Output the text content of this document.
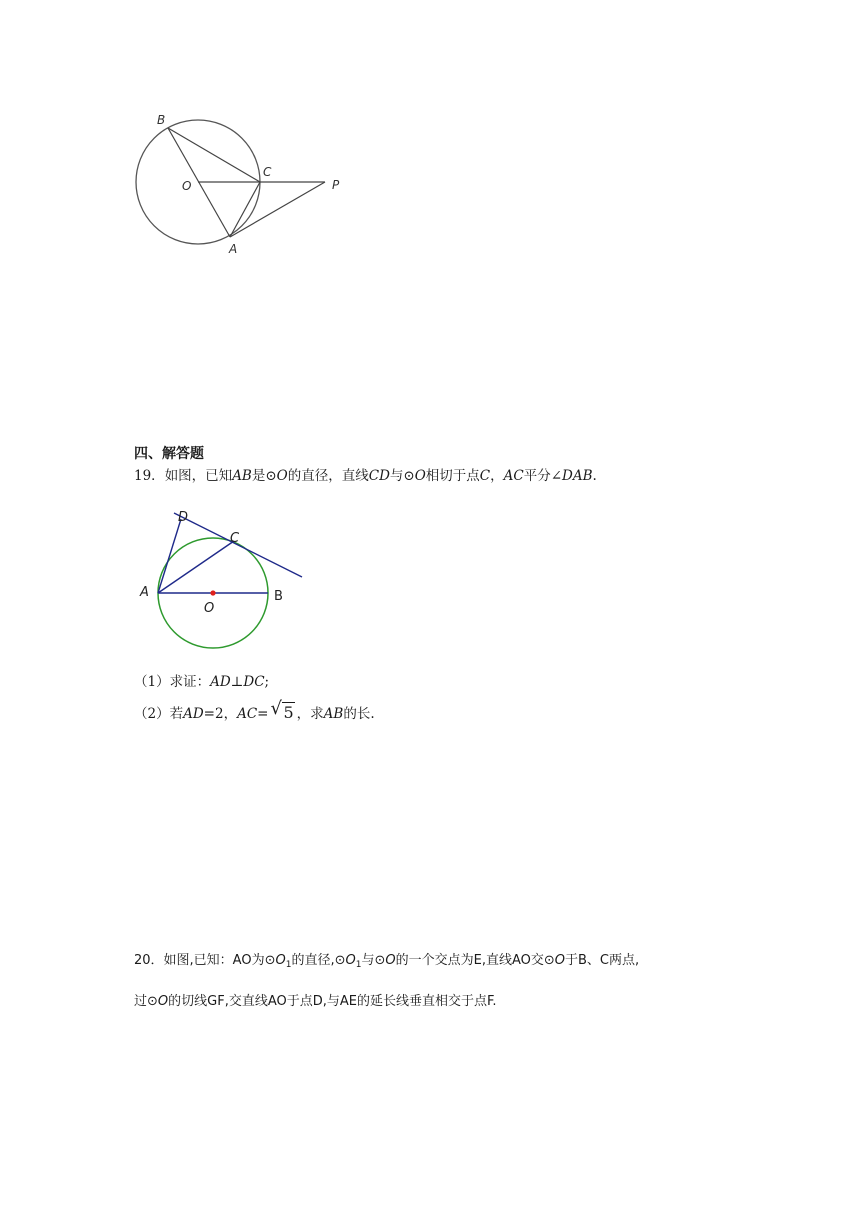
B
C
O	P
A
四、解答题
19．如图，已知AB是⊙O的直径，直线CD与⊙O相切于点C，AC平分∠DAB.
D
C
A
O
B
（1）求证：AD⊥DC;
（2）若AD=2，AC= √ 5 ，求AB的长.
20．如图,已知：AO为$⊙O_1$的直径$,⊙O_1$与⊙O的一个交点为E,直线AO交⊙O于B、C两点,
过⊙O的切线GF,交直线AO于点D,与AE的延长线垂直相交于点F.
